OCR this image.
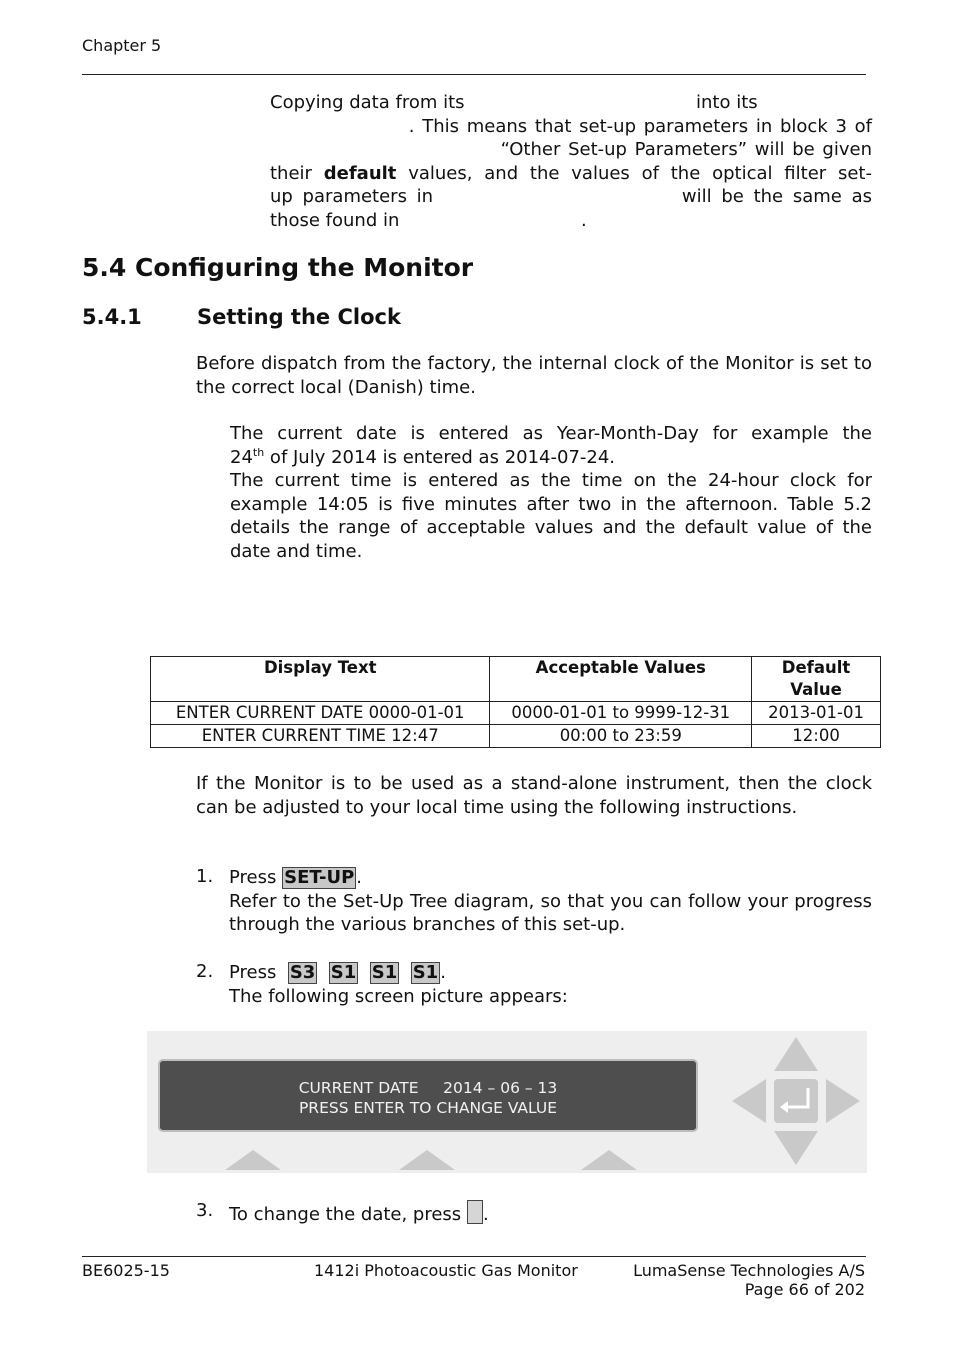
Chapter 5
Copying data from its	into its
. This means that set-up parameters in block 3 of
“Other Set-up Parameters” will be given
their default values, and the values of the optical filter set-
up parameters in	will be the same as
those found in	.
5.4 Configuring the Monitor
5.4.1	Setting the Clock
Before dispatch from the factory, the internal clock of the Monitor is set to the correct local (Danish) time.
The current date is entered as Year-Month-Day for example the
24th of July 2014 is entered as 2014-07-24.
The current time is entered as the time on the 24-hour clock for example 14:05 is five minutes after two in the afternoon. Table 5.2 details the range of acceptable values and the default value of the date and time.
Display Text	Acceptable Values	Default Value
ENTER CURRENT DATE 0000-01-01	0000-01-01 to 9999-12-31	2013-01-01
ENTER CURRENT TIME 12:47	00:00 to 23:59	12:00
If the Monitor is to be used as a stand-alone instrument, then the clock can be adjusted to your local time using the following instructions.
1. Press SET-UP .
Refer to the Set-Up Tree diagram, so that you can follow your progress through the various branches of this set-up.
2. Press S3 S1 S1 S1 .
The following screen picture appears:
CURRENT DATE 2014 – 06 – 13
PRESS ENTER TO CHANGE VALUE
3. To change the date, press .
BE6025-15	1412i Photoacoustic Gas Monitor	LumaSense Technologies A/S
Page 66 of 202
